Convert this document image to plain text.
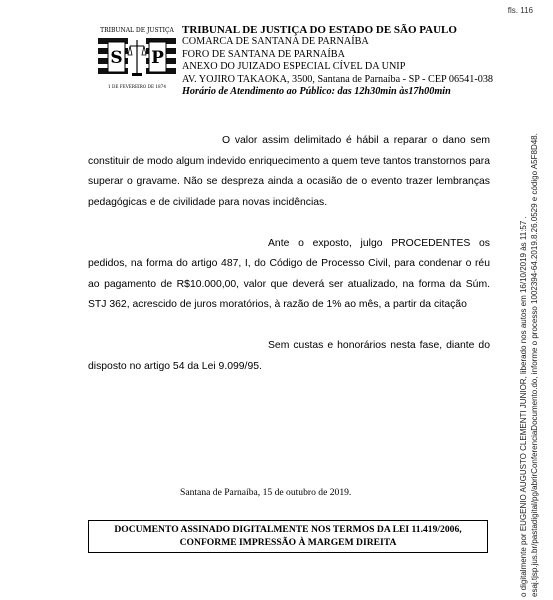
fls. 116
TRIBUNAL DE JUSTIÇA
S P
1 DE FEVEREIRO DE 1874
TRIBUNAL DE JUSTIÇA DO ESTADO DE SÃO PAULO
COMARCA DE SANTANA DE PARNAÍBA
FORO DE SANTANA DE PARNAÍBA
ANEXO DO JUIZADO ESPECIAL CÍVEL DA UNIP
AV. YOJIRO TAKAOKA, 3500, Santana de Parnaíba - SP - CEP 06541-038
Horário de Atendimento ao Público: das 12h30min às17h00min

O valor assim delimitado é hábil a reparar o dano sem constituir de modo algum indevido enriquecimento a quem teve tantos transtornos para superar o gravame. Não se despreza ainda a ocasião de o evento trazer lembranças pedagógicas e de civilidade para novas incidências.

Ante o exposto, julgo PROCEDENTES os pedidos, na forma do artigo 487, I, do Código de Processo Civil, para condenar o réu ao pagamento de R$10.000,00, valor que deverá ser atualizado, na forma da Súm. STJ 362, acrescido de juros moratórios, à razão de 1% ao mês, a partir da citação

Sem custas e honorários nesta fase, diante do disposto no artigo 54 da Lei 9.099/95.

Santana de Parnaíba, 15 de outubro de 2019.
DOCUMENTO ASSINADO DIGITALMENTE NOS TERMOS DA LEI 11.419/2006,
CONFORME IMPRESSÃO À MARGEM DIREITA	o digitalmente por EUGENIO AUGUSTO CLEMENTI JUNIOR, liberado nos autos em 16/10/2019 às 11:57 . esaj.tjsp.jus.br/pastadigital/pg/abrirConferenciaDocumento.do, informe o processo 1002394-64.2019.8.26.0529 e código A5F8D48.
